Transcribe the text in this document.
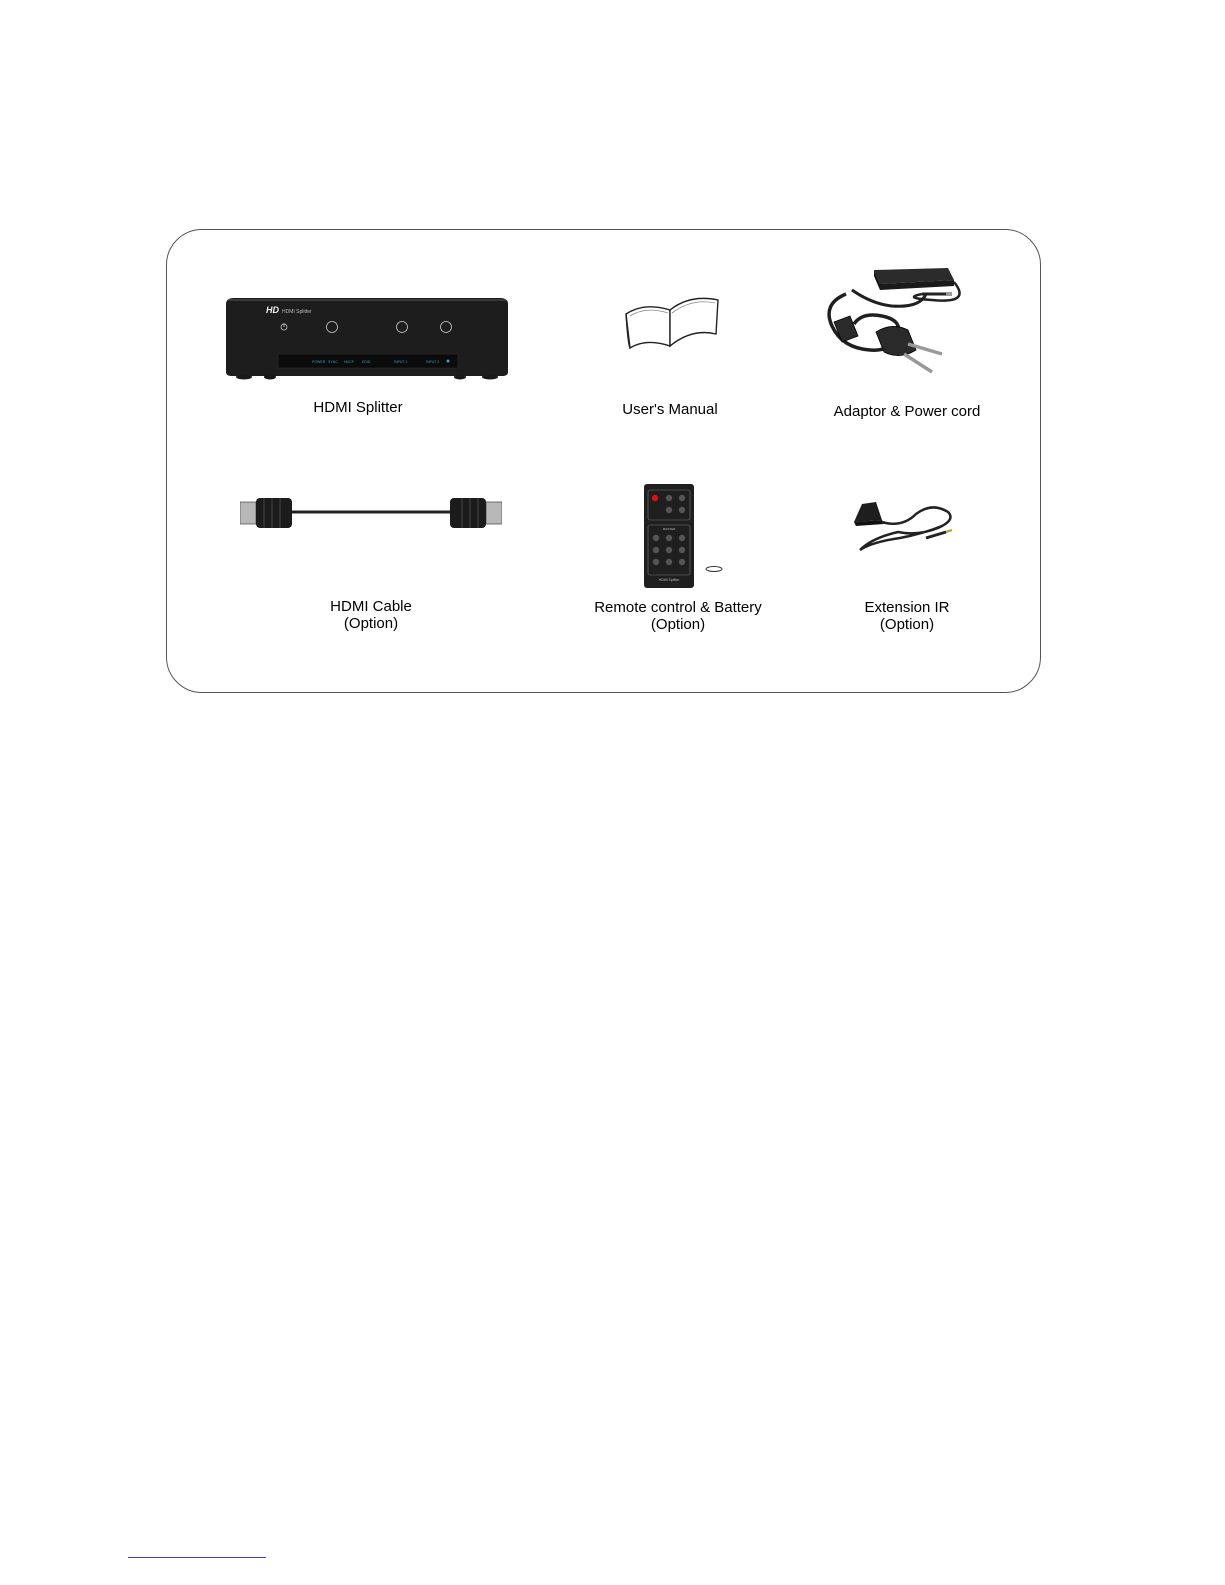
HD HDMI Splitter
POWER SYNC HDCP EDID	INPUT 1	INPUT 2
HDMI Splitter	User's Manual	Adaptor & Power cord
HDMI Cable
(Option)
MASTER
HDMI Splitter
Remote control & Battery
(Option)
Extension IR
(Option)
